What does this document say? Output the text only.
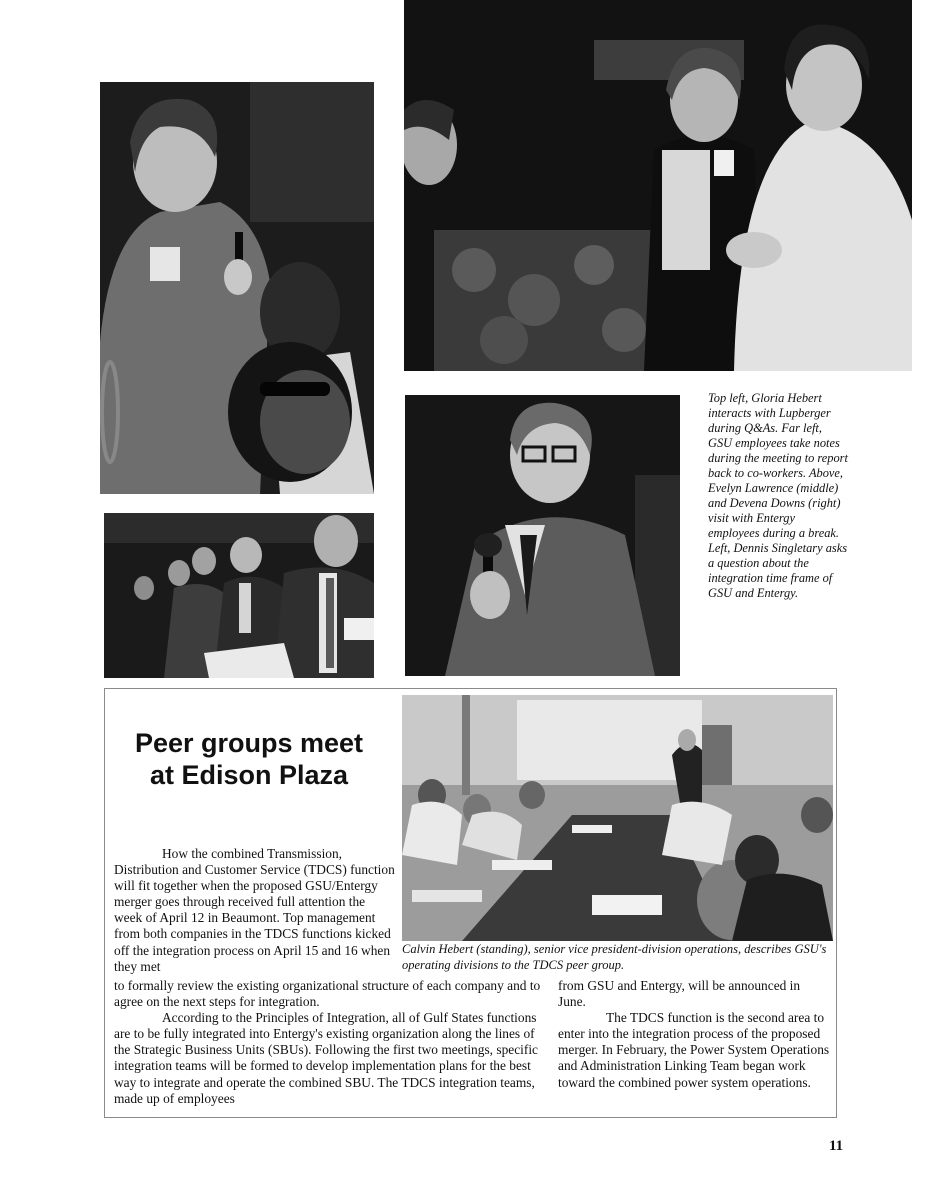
Top left, Gloria Hebert interacts with Lupberger during Q&As. Far left, GSU employees take notes during the meeting to report back to co-workers. Above, Evelyn Lawrence (middle) and Devena Downs (right) visit with Entergy employees during a break. Left, Dennis Singletary asks a question about the integration time frame of GSU and Entergy.
Peer groups meet
at Edison Plaza
Calvin Hebert (standing), senior vice president-division operations, describes GSU's operating divisions to the TDCS peer group.

How the combined Transmission, Distribution and Customer Service (TDCS) function will fit together when the proposed GSU/Entergy merger goes through received full attention the week of April 12 in Beaumont. Top management from both companies in the TDCS functions kicked off the integration process on April 15 and 16 when they met

to formally review the existing organizational structure of each company and to agree on the next steps for integration.

According to the Principles of Integration, all of Gulf States functions are to be fully integrated into Entergy's existing organization along the lines of the Strategic Business Units (SBUs). Following the first two meetings, specific integration teams will be formed to develop implementation plans for the best way to integrate and operate the combined SBU. The TDCS integration teams, made up of employees

from GSU and Entergy, will be announced in June.

The TDCS function is the second area to enter into the integration process of the proposed merger. In February, the Power System Operations and Administration Linking Team began work toward the combined power system operations.

11
